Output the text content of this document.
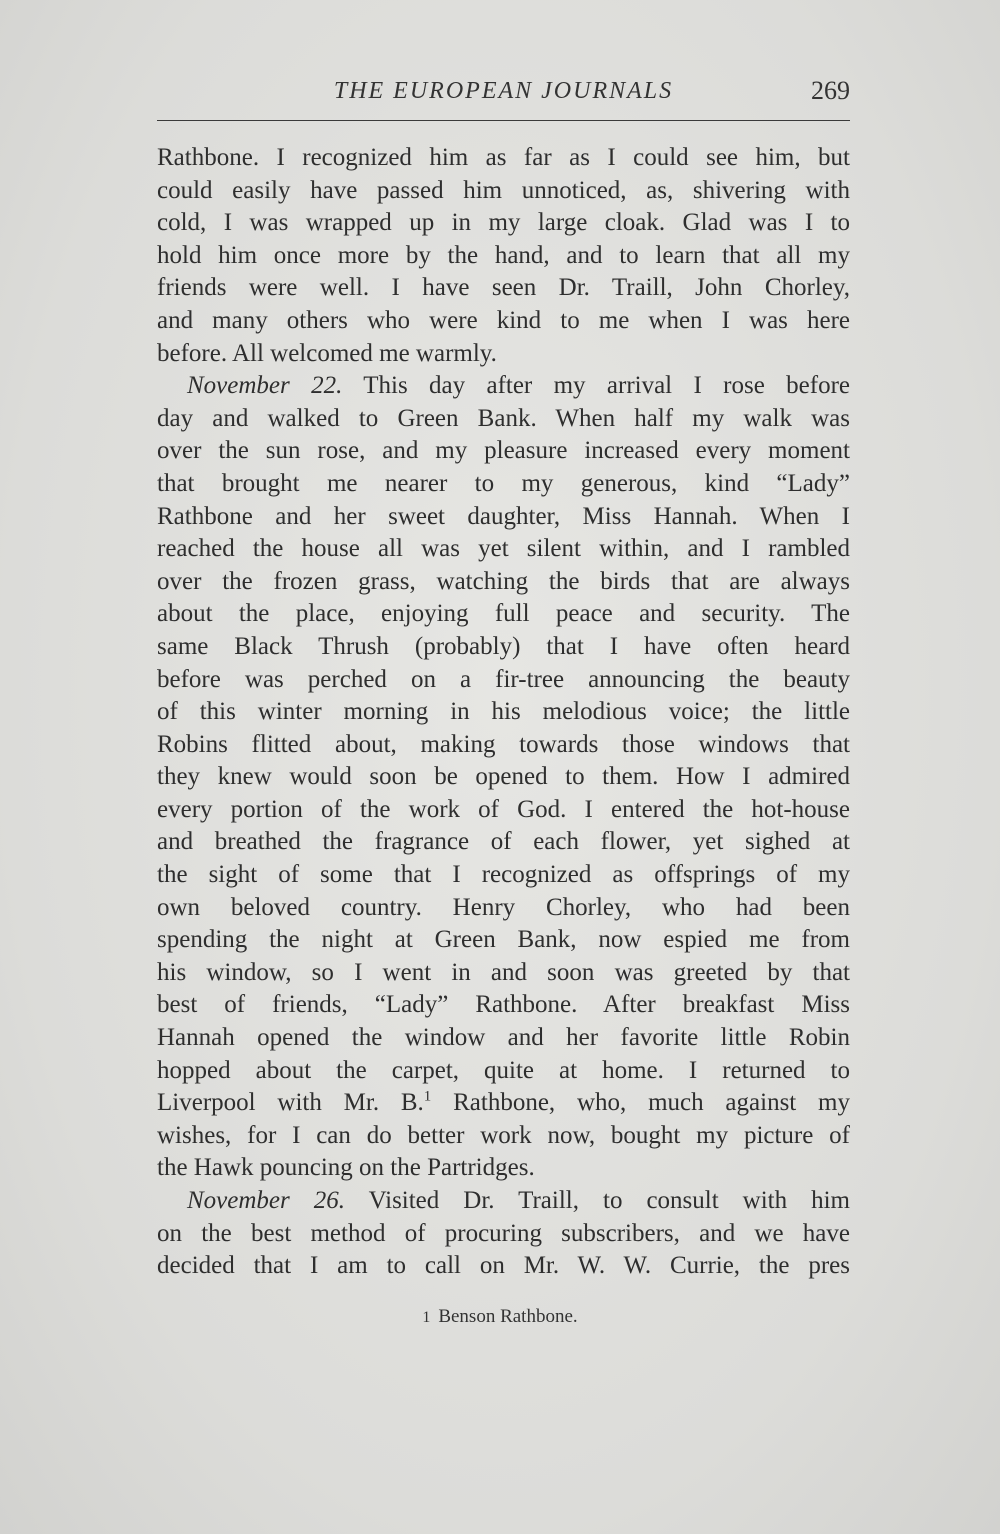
THE EUROPEAN JOURNALS	269
Rathbone. I recognized him as far as I could see him, but
could easily have passed him unnoticed, as, shivering with
cold, I was wrapped up in my large cloak. Glad was I to
hold him once more by the hand, and to learn that all my
friends were well. I have seen Dr. Traill, John Chorley,
and many others who were kind to me when I was here
before. All welcomed me warmly.
November 22. This day after my arrival I rose before
day and walked to Green Bank. When half my walk was
over the sun rose, and my pleasure increased every moment
that brought me nearer to my generous, kind “Lady”
Rathbone and her sweet daughter, Miss Hannah. When I
reached the house all was yet silent within, and I rambled
over the frozen grass, watching the birds that are always
about the place, enjoying full peace and security. The
same Black Thrush (probably) that I have often heard
before was perched on a fir-tree announcing the beauty
of this winter morning in his melodious voice; the little
Robins flitted about, making towards those windows that
they knew would soon be opened to them. How I admired
every portion of the work of God. I entered the hot-house
and breathed the fragrance of each flower, yet sighed at
the sight of some that I recognized as offsprings of my
own beloved country. Henry Chorley, who had been
spending the night at Green Bank, now espied me from
his window, so I went in and soon was greeted by that
best of friends, “Lady” Rathbone. After breakfast Miss
Hannah opened the window and her favorite little Robin
hopped about the carpet, quite at home. I returned to
Liverpool with Mr. B.$^1$ Rathbone, who, much against my
wishes, for I can do better work now, bought my picture of
the Hawk pouncing on the Partridges.
November 26. Visited Dr. Traill, to consult with him
on the best method of procuring subscribers, and we have
decided that I am to call on Mr. W. W. Currie, the pres
1 Benson Rathbone.
